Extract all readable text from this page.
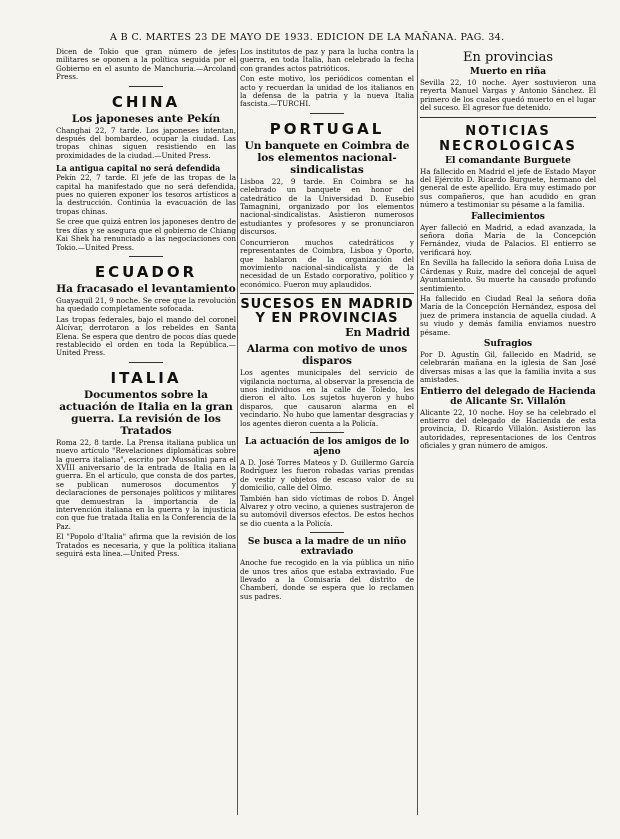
A B C. MARTES 23 DE MAYO DE 1933. EDICION DE LA MAÑANA. PAG. 34.

Dicen de Tokio que gran número de jefes militares se oponen a la política seguida por el Gobierno en el asunto de Manchuria.—Arcoland Press.

CHINA
Los japoneses ante Pekín

Changhai 22, 7 tarde. Los japoneses intentan, después del bombardeo, ocupar la ciudad. Las tropas chinas siguen resistiendo en las proximidades de la ciudad.—United Press.

La antigua capital no será defendida

Pekín 22, 7 tarde. El jefe de las tropas de la capital ha manifestado que no será defendida, pues no quieren exponer los tesoros artísticos a la destrucción. Continúa la evacuación de las tropas chinas.

Se cree que quizá entren los japoneses dentro de tres días y se asegura que el gobierno de Chiang Kai Shek ha renunciado a las negociaciones con Tokio.—United Press.

ECUADOR
Ha fracasado el levantamiento

Guayaquil 21, 9 noche. Se cree que la revolución ha quedado completamente sofocada.

Las tropas federales, bajo el mando del coronel Alcívar, derrotaron a los rebeldes en Santa Elena. Se espera que dentro de pocos días quede restablecido el orden en toda la República.—United Press.

ITALIA
Documentos sobre la actuación de Italia en la gran guerra. La revisión de los Tratados

Roma 22, 8 tarde. La Prensa italiana publica un nuevo artículo "Revelaciones diplomáticas sobre la guerra italiana", escrito por Mussolini para el XVIII aniversario de la entrada de Italia en la guerra. En el artículo, que consta de dos partes, se publican numerosos documentos y declaraciones de personajes políticos y militares que demuestran la importancia de la intervención italiana en la guerra y la injusticia con que fue tratada Italia en la Conferencia de la Paz.

El "Popolo d'Italia" afirma que la revisión de los Tratados es necesaria, y que la política italiana seguirá esta línea.—United Press.

Los institutos de paz y para la lucha contra la guerra, en toda Italia, han celebrado la fecha con grandes actos patrióticos.

Con este motivo, los periódicos comentan el acto y recuerdan la unidad de los italianos en la defensa de la patria y la nueva Italia fascista.—TURCHI.

PORTUGAL
Un banquete en Coimbra de los elementos nacional-sindicalistas

Lisboa 22, 9 tarde. En Coimbra se ha celebrado un banquete en honor del catedrático de la Universidad D. Eusebio Tamagnini, organizado por los elementos nacional-sindicalistas. Asistieron numerosos estudiantes y profesores y se pronunciaron discursos.

Concurrieron muchos catedráticos y representantes de Coimbra, Lisboa y Oporto, que hablaron de la organización del movimiento nacional-sindicalista y de la necesidad de un Estado corporativo, político y económico. Fueron muy aplaudidos.

SUCESOS EN MADRID Y EN PROVINCIAS
En Madrid
Alarma con motivo de unos disparos

Los agentes municipales del servicio de vigilancia nocturna, al observar la presencia de unos individuos en la calle de Toledo, les dieron el alto. Los sujetos huyeron y hubo disparos, que causaron alarma en el vecindario. No hubo que lamentar desgracias y los agentes dieron cuenta a la Policía.

La actuación de los amigos de lo ajeno

A D. José Torres Mateos y D. Guillermo García Rodríguez les fueron robadas varias prendas de vestir y objetos de escaso valor de su domicilio, calle del Olmo.

También han sido víctimas de robos D. Ángel Alvarez y otro vecino, a quienes sustrajeron de su automóvil diversos efectos. De estos hechos se dio cuenta a la Policía.

Se busca a la madre de un niño extraviado

Anoche fue recogido en la vía pública un niño de unos tres años que estaba extraviado. Fue llevado a la Comisaría del distrito de Chamberí, donde se espera que lo reclamen sus padres.

En provincias
Muerto en riña

Sevilla 22, 10 noche. Ayer sostuvieron una reyerta Manuel Vargas y Antonio Sánchez. El primero de los cuales quedó muerto en el lugar del suceso. El agresor fue detenido.

NOTICIAS NECROLOGICAS
El comandante Burguete

Ha fallecido en Madrid el jefe de Estado Mayor del Ejército D. Ricardo Burguete, hermano del general de este apellido. Era muy estimado por sus compañeros, que han acudido en gran número a testimoniar su pésame a la familia.

Fallecimientos

Ayer falleció en Madrid, a edad avanzada, la señora doña María de la Concepción Fernández, viuda de Palacios. El entierro se verificará hoy.

En Sevilla ha fallecido la señora doña Luisa de Cárdenas y Ruiz, madre del concejal de aquel Ayuntamiento. Su muerte ha causado profundo sentimiento.

Ha fallecido en Ciudad Real la señora doña María de la Concepción Hernández, esposa del juez de primera instancia de aquella ciudad. A su viudo y demás familia enviamos nuestro pésame.

Sufragios

Por D. Agustín Gil, fallecido en Madrid, se celebrarán mañana en la iglesia de San José diversas misas a las que la familia invita a sus amistades.

Entierro del delegado de Hacienda de Alicante Sr. Villalón

Alicante 22, 10 noche. Hoy se ha celebrado el entierro del delegado de Hacienda de esta provincia, D. Ricardo Villalón. Asistieron las autoridades, representaciones de los Centros oficiales y gran número de amigos.
